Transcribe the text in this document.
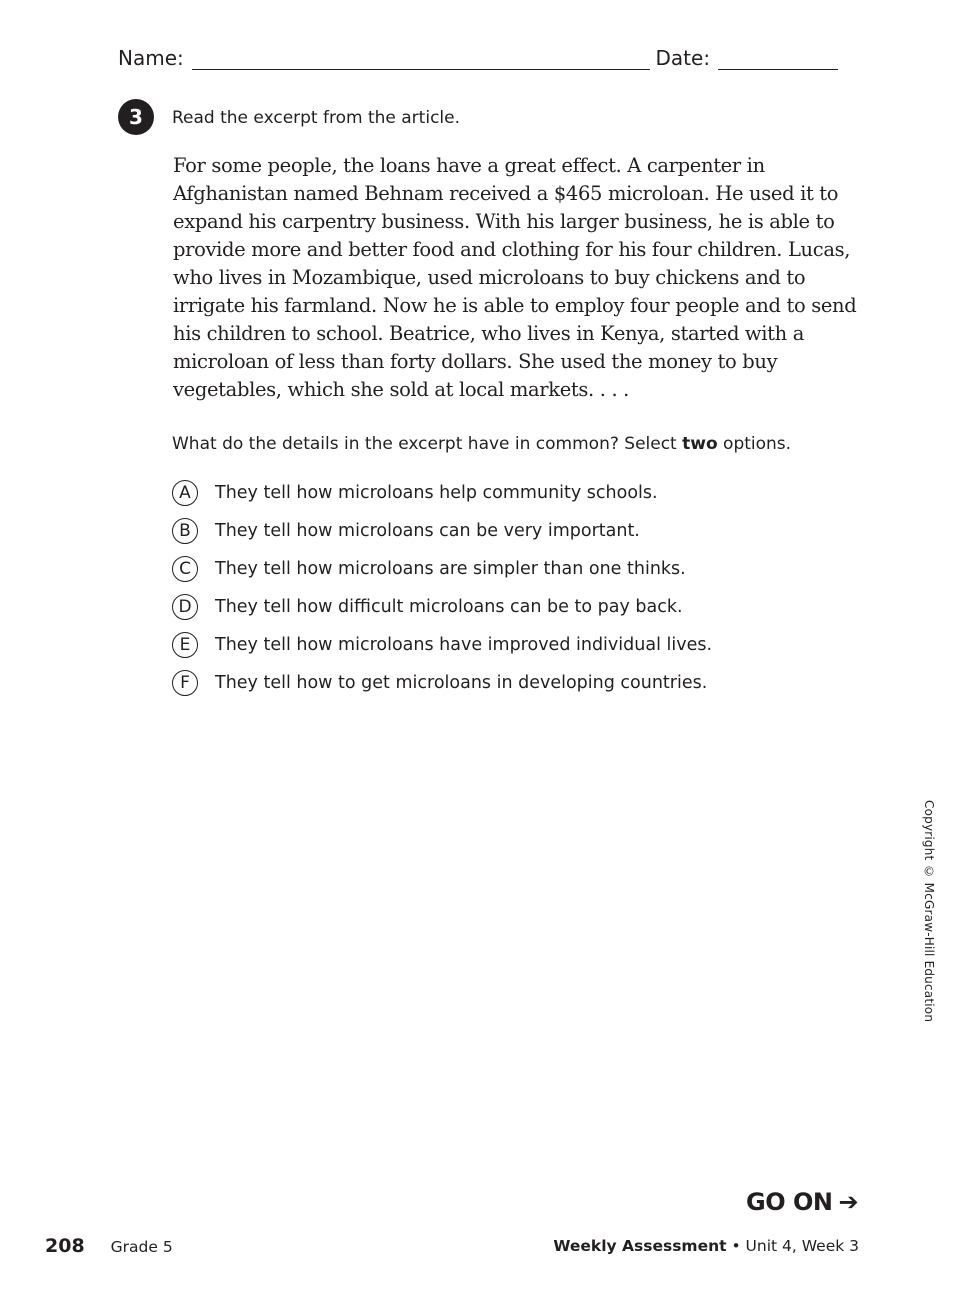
Name:	Date:
3	Read the excerpt from the article.

For some people, the loans have a great effect. A carpenter in Afghanistan named Behnam received a $465 microloan. He used it to expand his carpentry business. With his larger business, he is able to provide more and better food and clothing for his four children. Lucas, who lives in Mozambique, used microloans to buy chickens and to irrigate his farmland. Now he is able to employ four people and to send his children to school. Beatrice, who lives in Kenya, started with a microloan of less than forty dollars. She used the money to buy vegetables, which she sold at local markets. . . .

What do the details in the excerpt have in common? Select two options.
A	They tell how microloans help community schools.
B	They tell how microloans can be very important.
C	They tell how microloans are simpler than one thinks.
D	They tell how difficult microloans can be to pay back.
E	They tell how microloans have improved individual lives.
F	They tell how to get microloans in developing countries.
Copyright © McGraw-Hill Education
GO ON ➔
208 Grade 5	Weekly Assessment • Unit 4, Week 3
